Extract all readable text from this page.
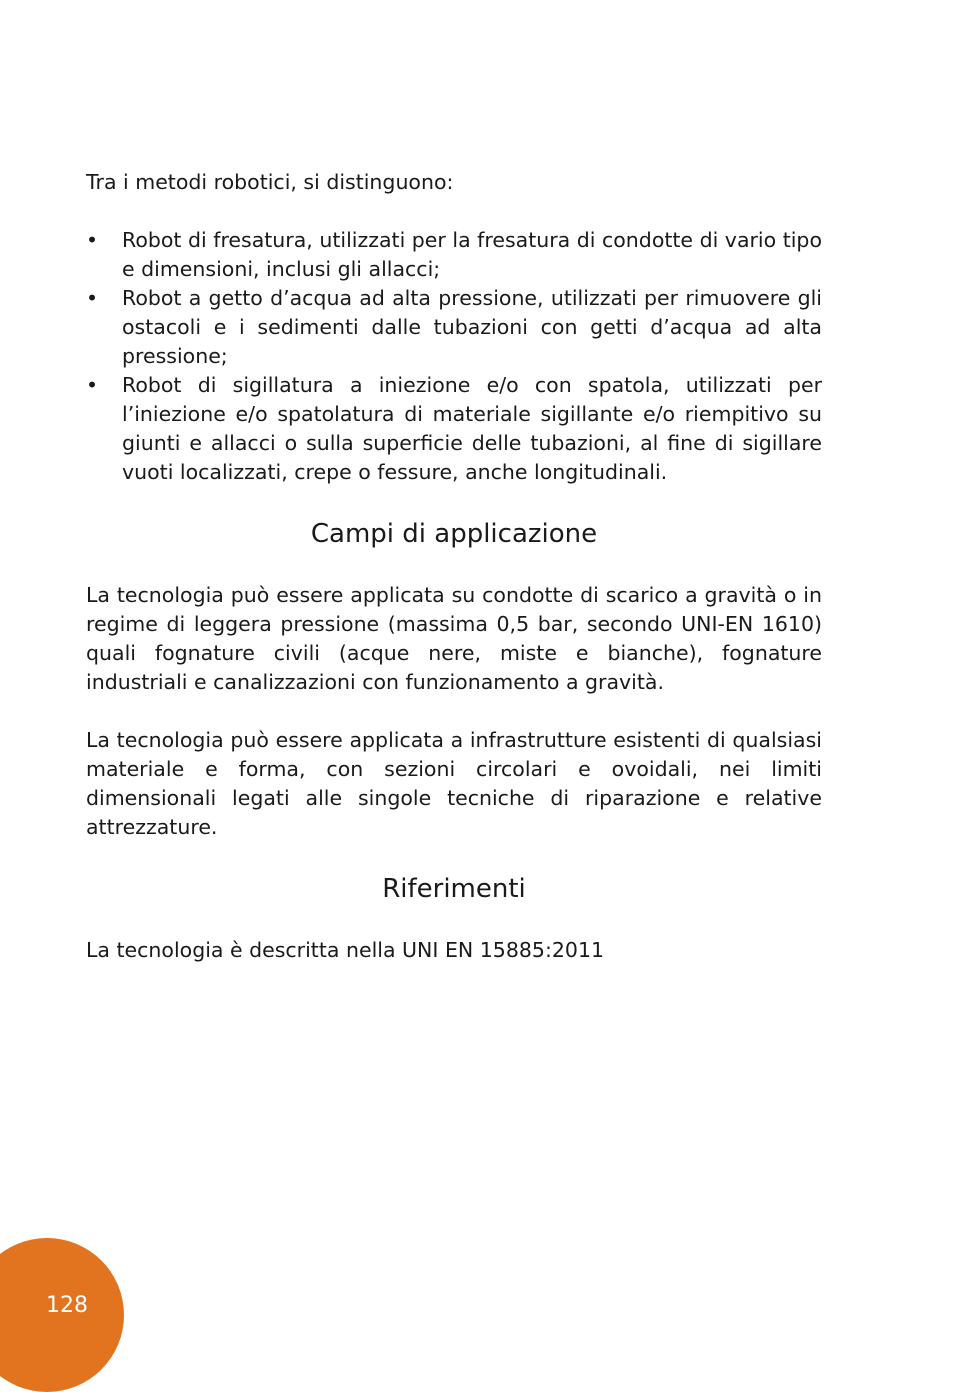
Tra i metodi robotici, si distinguono:

• Robot di fresatura, utilizzati per la fresatura di condotte di vario tipo e dimensioni, inclusi gli allacci;
• Robot a getto d’acqua ad alta pressione, utilizzati per rimuovere gli ostacoli e i sedimenti dalle tubazioni con getti d’acqua ad alta pressione;
• Robot di sigillatura a iniezione e/o con spatola, utilizzati per l’iniezione e/o spatolatura di materiale sigillante e/o riempitivo su giunti e allacci o sulla superficie delle tubazioni, al fine di sigillare vuoti localizzati, crepe o fessure, anche longitudinali.
Campi di applicazione

La tecnologia può essere applicata su condotte di scarico a gravità o in regime di leggera pressione (massima 0,5 bar, secondo UNI-EN 1610) quali fognature civili (acque nere, miste e bianche), fognature industriali e canalizzazioni con funzionamento a gravità.

La tecnologia può essere applicata a infrastrutture esistenti di qualsiasi materiale e forma, con sezioni circolari e ovoidali, nei limiti dimensionali legati alle singole tecniche di riparazione e relative attrezzature.

Riferimenti

La tecnologia è descritta nella UNI EN 15885:2011

128
